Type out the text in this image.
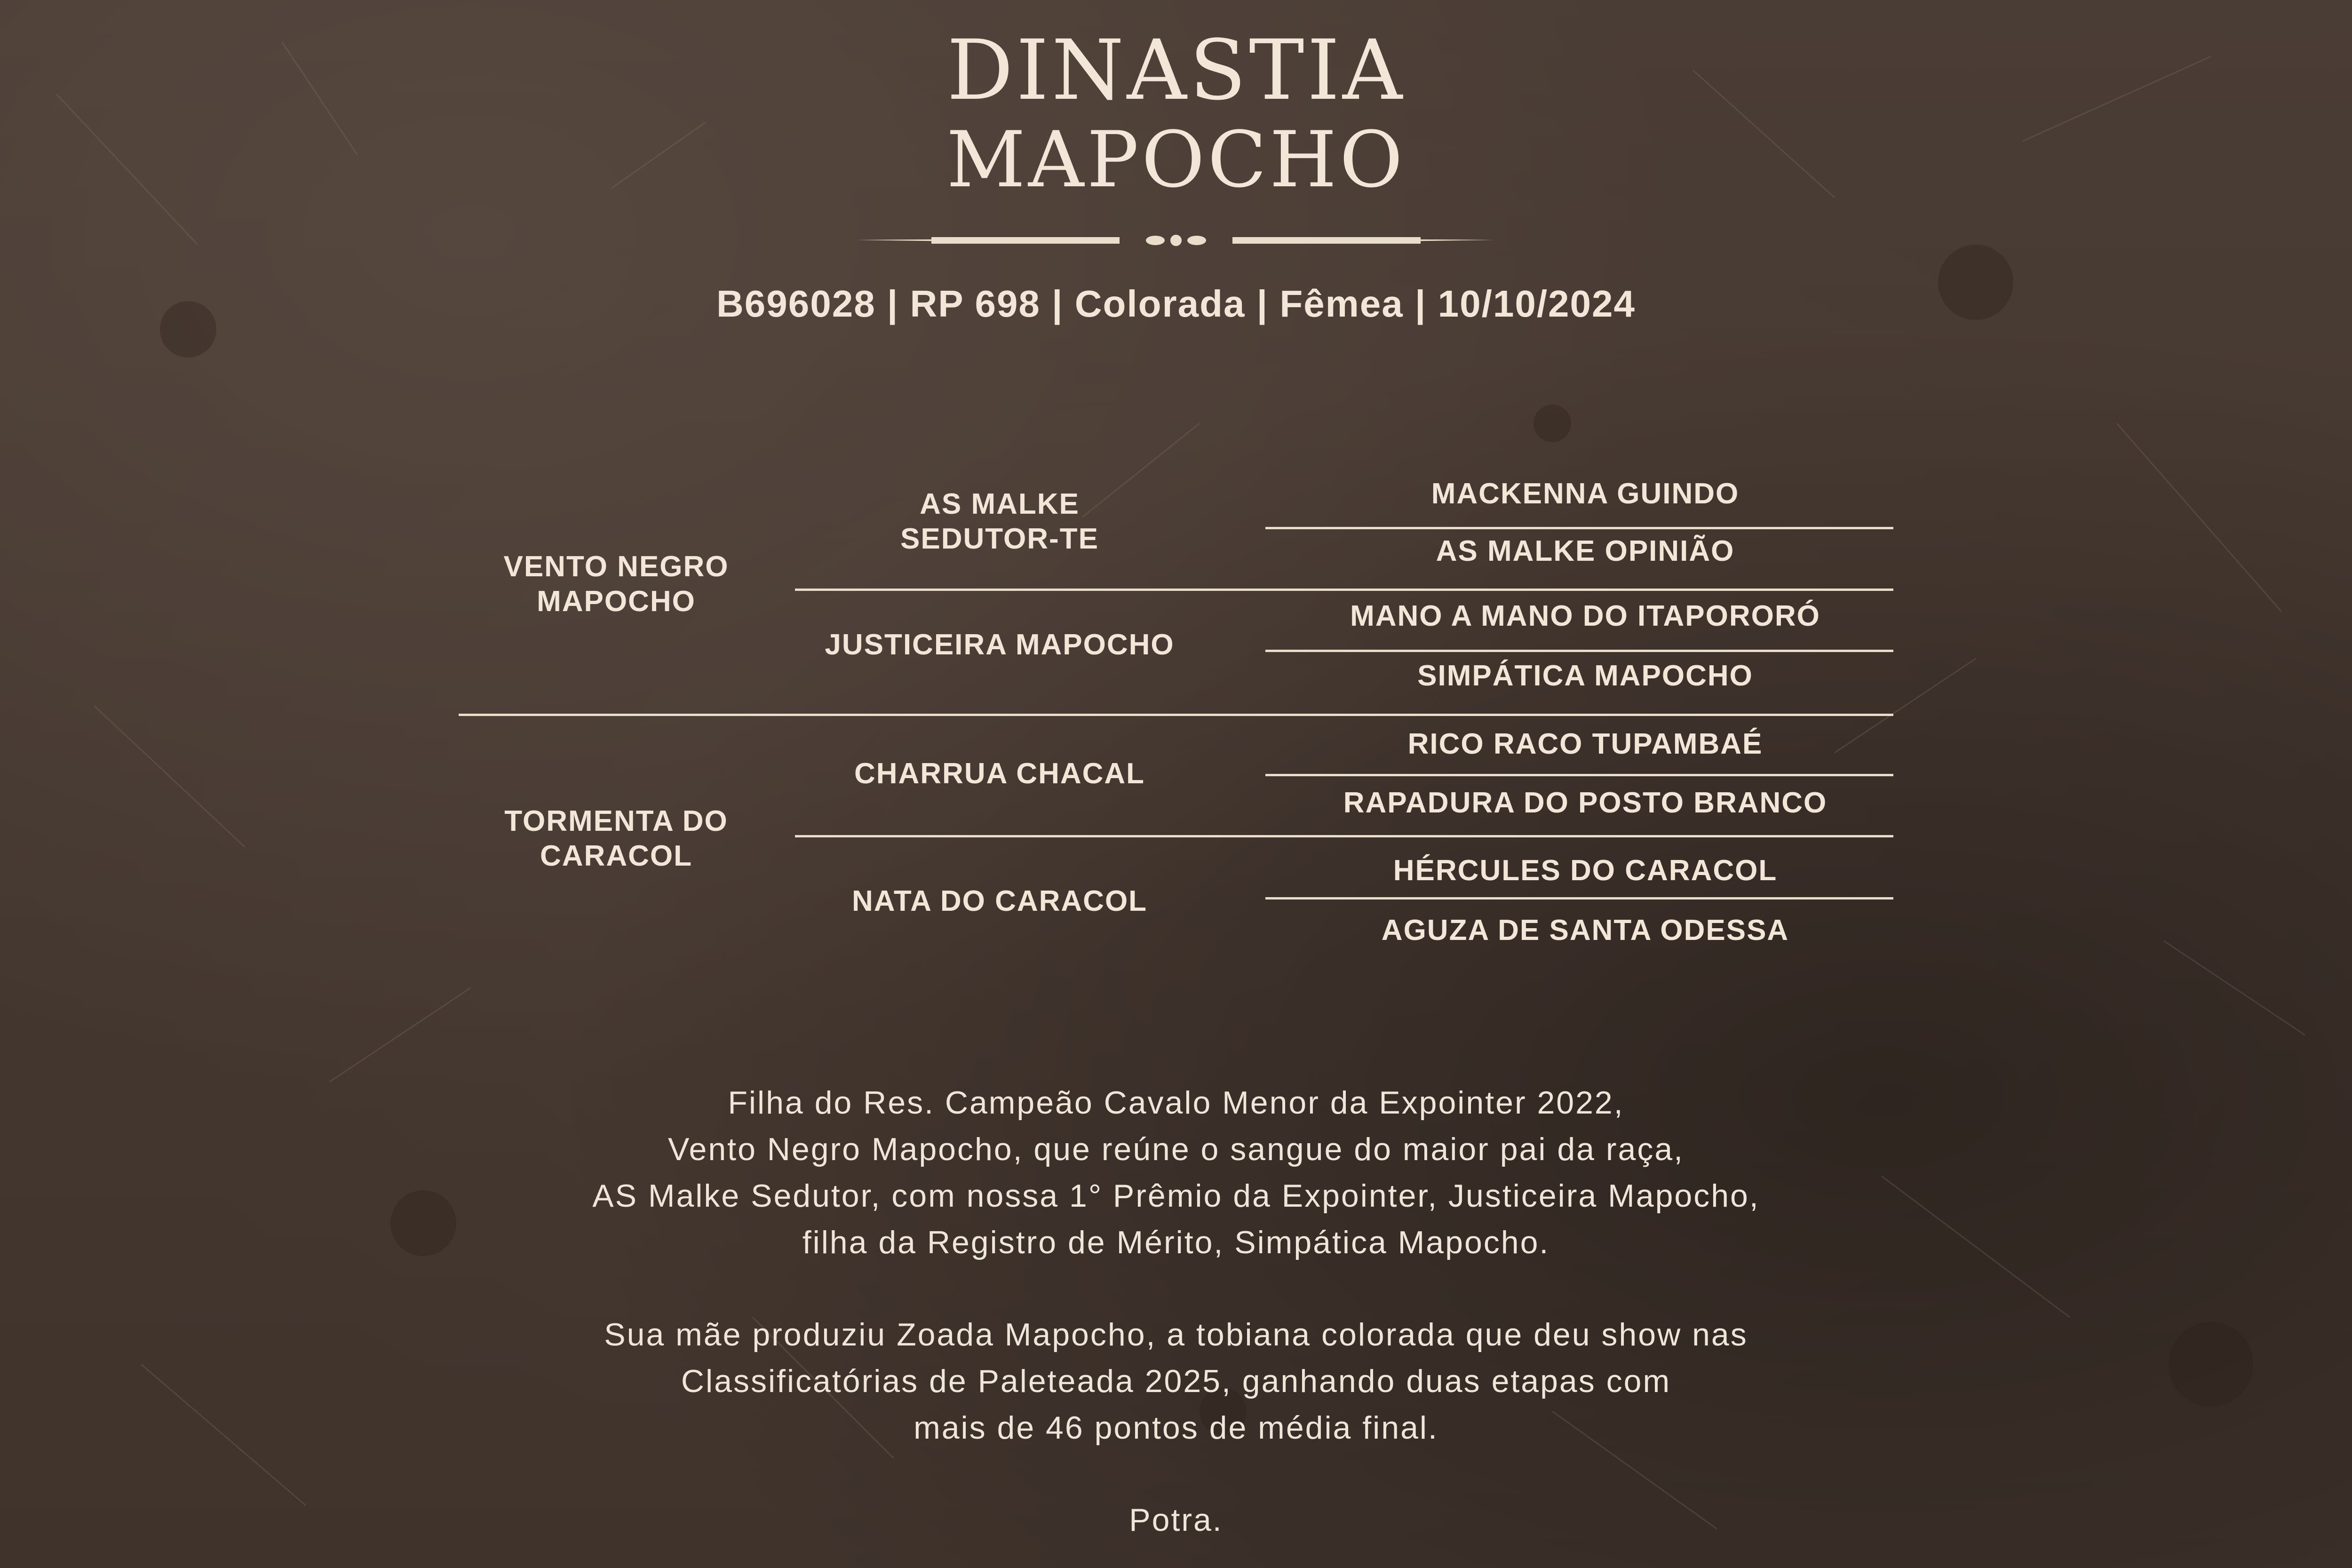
DINASTIA
MAPOCHO
B696028 | RP 698 | Colorada | Fêmea | 10/10/2024
VENTO NEGRO
MAPOCHO
TORMENTA DO
CARACOL
AS MALKE
SEDUTOR-TE
JUSTICEIRA MAPOCHO
CHARRUA CHACAL
NATA DO CARACOL
MACKENNA GUINDO
AS MALKE OPINIÃO
MANO A MANO DO ITAPORORÓ
SIMPÁTICA MAPOCHO
RICO RACO TUPAMBAÉ
RAPADURA DO POSTO BRANCO
HÉRCULES DO CARACOL
AGUZA DE SANTA ODESSA

Filha do Res. Campeão Cavalo Menor da Expointer 2022,

Vento Negro Mapocho, que reúne o sangue do maior pai da raça,

AS Malke Sedutor, com nossa 1° Prêmio da Expointer, Justiceira Mapocho,

filha da Registro de Mérito, Simpática Mapocho.

Sua mãe produziu Zoada Mapocho, a tobiana colorada que deu show nas

Classificatórias de Paleteada 2025, ganhando duas etapas com

mais de 46 pontos de média final.

Potra.
